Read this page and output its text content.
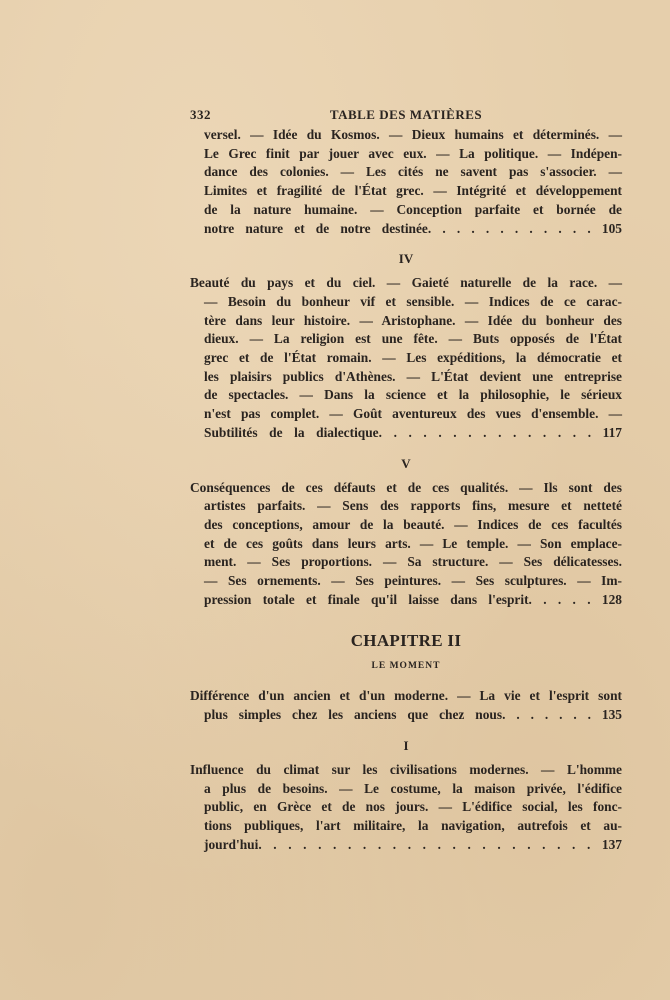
332	TABLE DES MATIÈRES
versel. — Idée du Kosmos. — Dieux humains et déterminés. —
Le Grec finit par jouer avec eux. — La politique. — Indépen-
dance des colonies. — Les cités ne savent pas s'associer. —
Limites et fragilité de l'État grec. — Intégrité et développement
de la nature humaine. — Conception parfaite et bornée de
notre nature et de notre destinée. . . . . . . . . . . . 105
IV
Beauté du pays et du ciel. — Gaieté naturelle de la race. —
— Besoin du bonheur vif et sensible. — Indices de ce carac-
tère dans leur histoire. — Aristophane. — Idée du bonheur des
dieux. — La religion est une fête. — Buts opposés de l'État
grec et de l'État romain. — Les expéditions, la démocratie et
les plaisirs publics d'Athènes. — L'État devient une entreprise
de spectacles. — Dans la science et la philosophie, le sérieux
n'est pas complet. — Goût aventureux des vues d'ensemble. —
Subtilités de la dialectique. . . . . . . . . . . . . . . 117
V
Conséquences de ces défauts et de ces qualités. — Ils sont des
artistes parfaits. — Sens des rapports fins, mesure et netteté
des conceptions, amour de la beauté. — Indices de ces facultés
et de ces goûts dans leurs arts. — Le temple. — Son emplace-
ment. — Ses proportions. — Sa structure. — Ses délicatesses.
— Ses ornements. — Ses peintures. — Ses sculptures. — Im-
pression totale et finale qu'il laisse dans l'esprit. . . . . 128
CHAPITRE II
LE MOMENT
Différence d'un ancien et d'un moderne. — La vie et l'esprit sont
plus simples chez les anciens que chez nous. . . . . . . 135
I
Influence du climat sur les civilisations modernes. — L'homme
a plus de besoins. — Le costume, la maison privée, l'édifice
public, en Grèce et de nos jours. — L'édifice social, les fonc-
tions publiques, l'art militaire, la navigation, autrefois et au-
jourd'hui. . . . . . . . . . . . . . . . . . . . . . . 137
